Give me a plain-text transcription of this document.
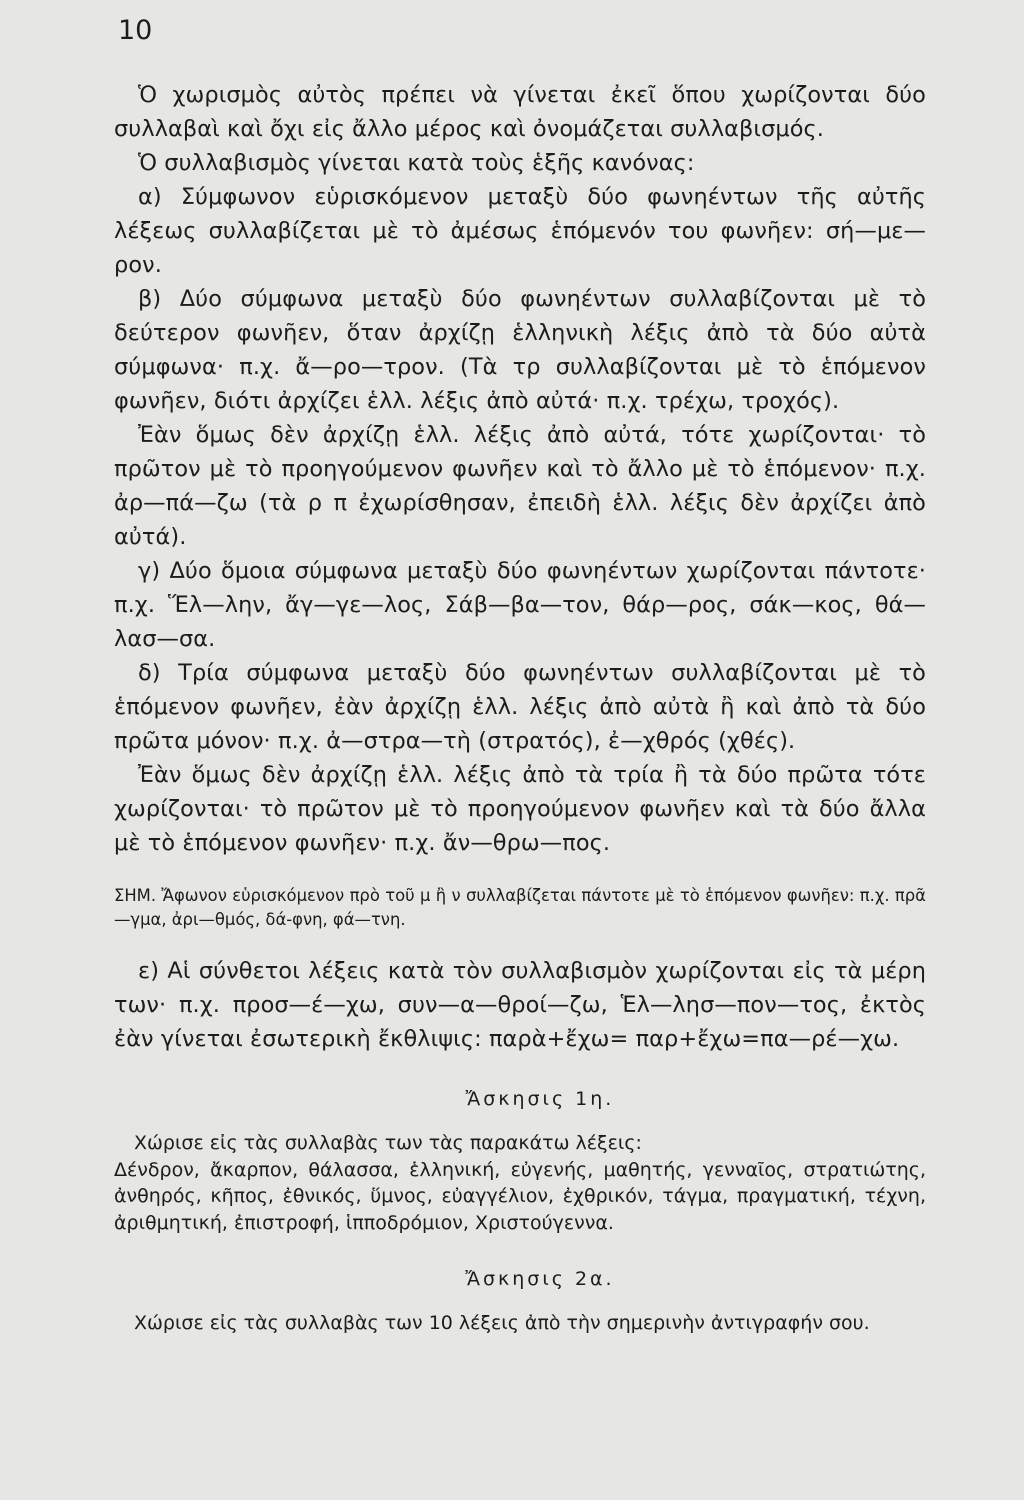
10

Ὁ χωρισμὸς αὐτὸς πρέπει νὰ γίνεται ἐκεῖ ὅπου χωρίζονται δύο συλλαβαὶ καὶ ὄχι εἰς ἄλλο μέρος καὶ ὀνομάζεται συλλαβισμός.

Ὁ συλλαβισμὸς γίνεται κατὰ τοὺς ἑξῆς κανόνας:

α) Σύμφωνον εὑρισκόμενον μεταξὺ δύο φωνηέντων τῆς αὐτῆς λέξεως συλλαβίζεται μὲ τὸ ἀμέσως ἑπόμενόν του φωνῆεν: σή—με—ρον.

β) Δύο σύμφωνα μεταξὺ δύο φωνηέντων συλλαβίζονται μὲ τὸ δεύτερον φωνῆεν, ὅταν ἀρχίζῃ ἑλληνικὴ λέξις ἀπὸ τὰ δύο αὐτὰ σύμφωνα· π.χ. ἄ—ρο—τρον. (Τὰ τρ συλλαβίζονται μὲ τὸ ἑπόμενον φωνῆεν, διότι ἀρχίζει ἑλλ. λέξις ἀπὸ αὐτά· π.χ. τρέχω, τροχός).

Ἐὰν ὅμως δὲν ἀρχίζῃ ἑλλ. λέξις ἀπὸ αὐτά, τότε χωρίζονται· τὸ πρῶτον μὲ τὸ προηγούμενον φωνῆεν καὶ τὸ ἄλλο μὲ τὸ ἑπόμενον· π.χ. ἀρ—πά—ζω (τὰ ρ π ἐχωρίσθησαν, ἐπειδὴ ἑλλ. λέξις δὲν ἀρχίζει ἀπὸ αὐτά).

γ) Δύο ὅμοια σύμφωνα μεταξὺ δύο φωνηέντων χωρίζονται πάντοτε· π.χ. Ἕλ—λην, ἄγ—γε—λος, Σάβ—βα—τον, θάρ—ρος, σάκ—κος, θά—λασ—σα.

δ) Τρία σύμφωνα μεταξὺ δύο φωνηέντων συλλαβίζονται μὲ τὸ ἑπόμενον φωνῆεν, ἐὰν ἀρχίζῃ ἑλλ. λέξις ἀπὸ αὐτὰ ἢ καὶ ἀπὸ τὰ δύο πρῶτα μόνον· π.χ. ἀ—στρα—τὴ (στρατός), ἐ—χθρός (χθές).

Ἐὰν ὅμως δὲν ἀρχίζῃ ἑλλ. λέξις ἀπὸ τὰ τρία ἢ τὰ δύο πρῶτα τότε χωρίζονται· τὸ πρῶτον μὲ τὸ προηγούμενον φωνῆεν καὶ τὰ δύο ἄλλα μὲ τὸ ἑπόμενον φωνῆεν· π.χ. ἄν—θρω—πος.

ΣΗΜ. Ἄφωνον εὑρισκόμενον πρὸ τοῦ μ ἢ ν συλλαβίζεται πάντοτε μὲ τὸ ἑπόμενον φωνῆεν: π.χ. πρᾶ—γμα, ἀρι—θμός, δά-φνη, φά—τνη.

ε) Αἱ σύνθετοι λέξεις κατὰ τὸν συλλαβισμὸν χωρίζονται εἰς τὰ μέρη των· π.χ. προσ—έ—χω, συν—α—θροί—ζω, Ἑλ—λησ—πον—τος, ἐκτὸς ἐὰν γίνεται ἐσωτερικὴ ἔκθλιψις: παρὰ+ἔχω= παρ+ἔχω=πα—ρέ—χω.

Ἄσκησις 1η.

Χώρισε εἰς τὰς συλλαβὰς των τὰς παρακάτω λέξεις:

Δένδρον, ἄκαρπον, θάλασσα, ἑλληνική, εὐγενής, μαθητής, γενναῖος, στρατιώτης, ἀνθηρός, κῆπος, ἐθνικός, ὕμνος, εὐαγγέλιον, ἐχθρικόν, τάγμα, πραγματική, τέχνη, ἀριθμητική, ἐπιστροφή, ἱπποδρόμιον, Χριστούγεννα.

Ἄσκησις 2α.

Χώρισε εἰς τὰς συλλαβὰς των 10 λέξεις ἀπὸ τὴν σημερινὴν ἀντιγραφήν σου.
